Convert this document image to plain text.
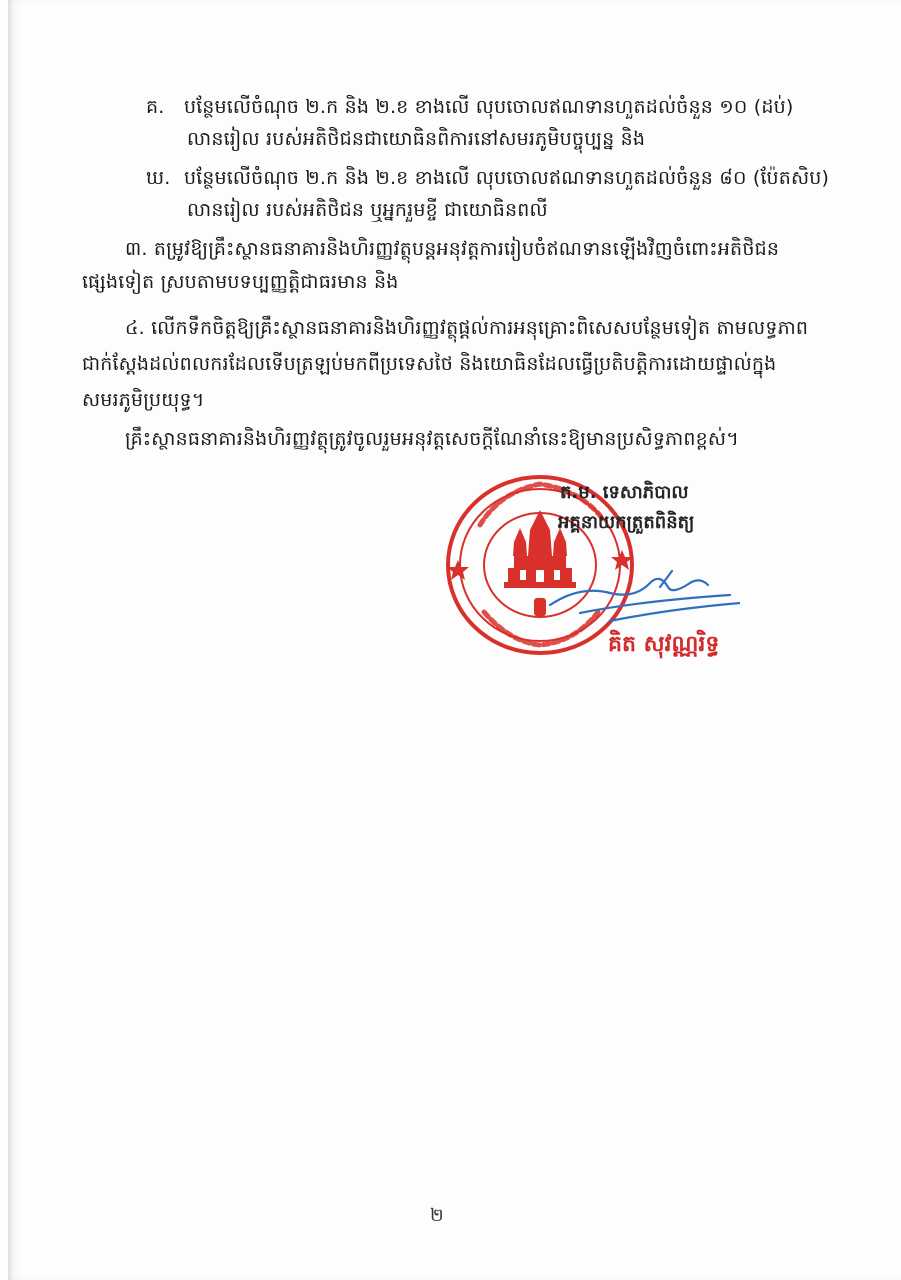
គ. បន្ថែមលើចំណុច ២.ក និង ២.ខ ខាងលើ លុបចោលឥណទានហួតដល់ចំនួន ១០ (ដប់)
លានរៀល របស់អតិថិជនជាយោធិនពិការនៅសមរភូមិបច្ចុប្បន្ន និង
ឃ. បន្ថែមលើចំណុច ២.ក និង ២.ខ ខាងលើ លុបចោលឥណទានហួតដល់ចំនួន ៨០ (ប៉ែតសិប)
លានរៀល របស់អតិថិជន ឬអ្នករួមខ្ចី ជាយោធិនពលី
៣. តម្រូវឱ្យគ្រឹះស្ថានធនាគារនិងហិរញ្ញវត្ថុបន្តអនុវត្តការរៀបចំឥណទានឡើងវិញចំពោះអតិថិជន
ផ្សេងទៀត ស្របតាមបទប្បញ្ញត្តិជាធរមាន និង
៤. លើកទឹកចិត្តឱ្យគ្រឹះស្ថានធនាគារនិងហិរញ្ញវត្ថុផ្តល់ការអនុគ្រោះពិសេសបន្ថែមទៀត តាមលទ្ធភាព
ជាក់ស្តែងដល់ពលករដែលទើបត្រឡប់មកពីប្រទេសថៃ និងយោធិនដែលធ្វើប្រតិបត្តិការដោយផ្ទាល់ក្នុង
សមរភូមិប្រយុទ្ធ។
គ្រឹះស្ថានធនាគារនិងហិរញ្ញវត្ថុត្រូវចូលរួមអនុវត្តសេចក្តីណែនាំនេះឱ្យមានប្រសិទ្ធភាពខ្ពស់។
ត.ម. ទេសាភិបាល
អគ្គនាយកត្រួតពិនិត្យ
គិត សុវណ្ណរិទ្ធ
២
